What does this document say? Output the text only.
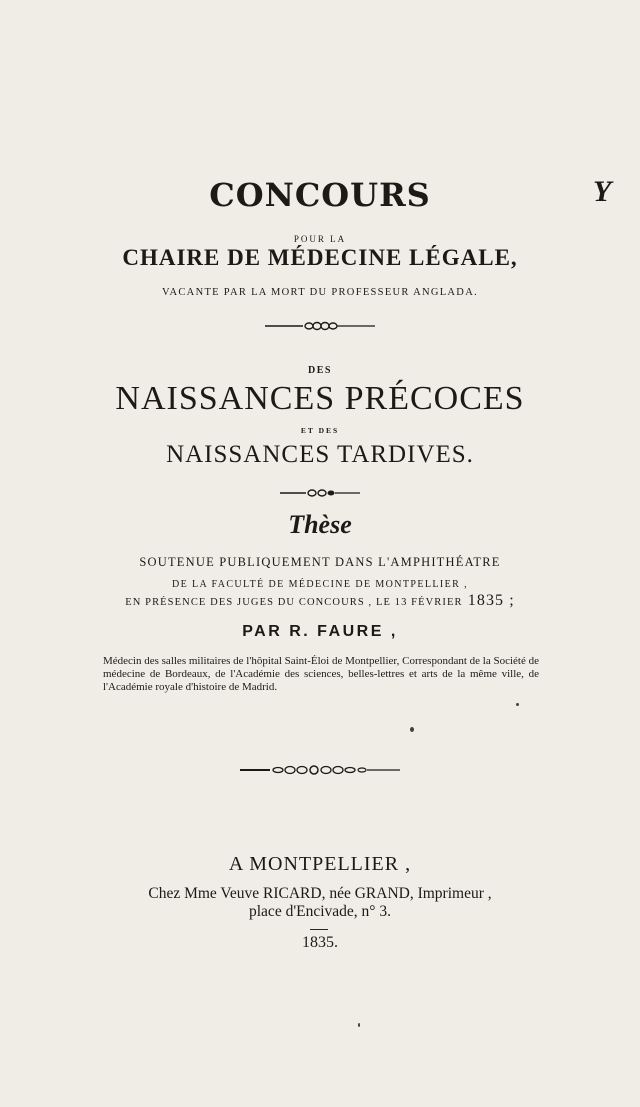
CONCOURS	Y
POUR LA
CHAIRE DE MÉDECINE LÉGALE,
VACANTE PAR LA MORT DU PROFESSEUR ANGLADA.
DES
NAISSANCES PRÉCOCES
ET DES
NAISSANCES TARDIVES.
Thèse
SOUTENUE PUBLIQUEMENT DANS L'AMPHITHÉATRE
DE LA FACULTÉ DE MÉDECINE DE MONTPELLIER ,
EN PRÉSENCE DES JUGES DU CONCOURS , LE 13 FÉVRIER 1835 ;
PAR R. FAURE ,
Médecin des salles militaires de l'hôpital Saint-Éloi de Montpellier, Correspondant de la Société de médecine de Bordeaux, de l'Académie des sciences, belles-lettres et arts de la même ville, de l'Académie royale d'histoire de Madrid.
A MONTPELLIER ,
Chez Mme Veuve RICARD, née GRAND, Imprimeur ,
place d'Encivade, n° 3.
1835.
